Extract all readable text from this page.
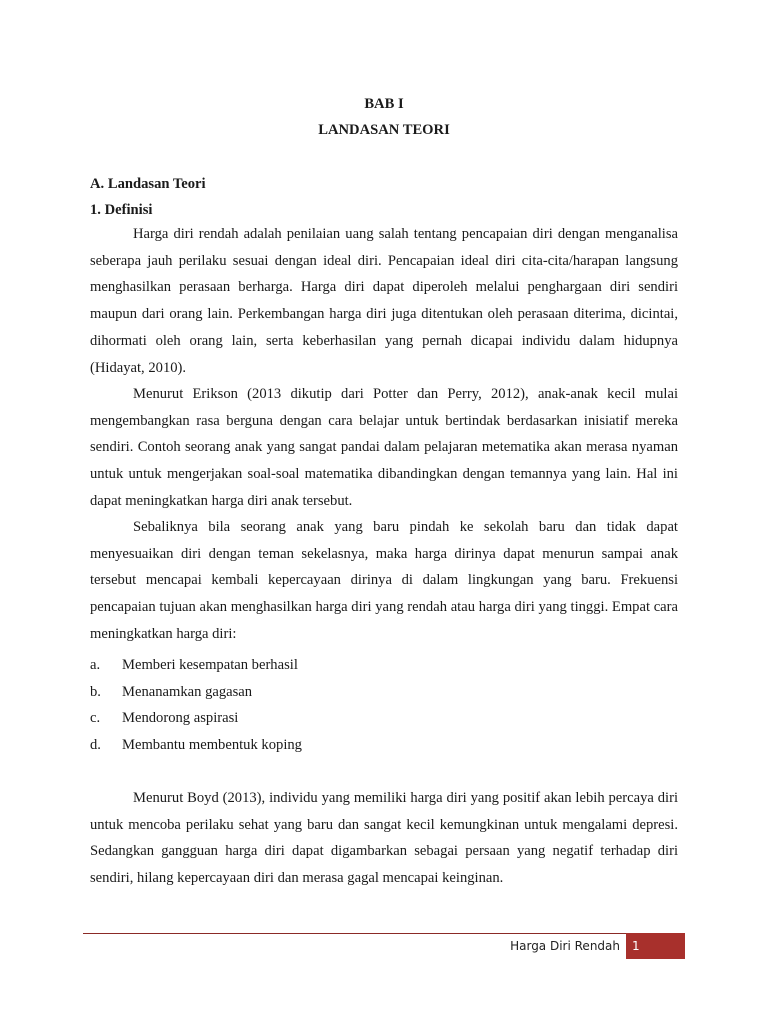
BAB I
LANDASAN TEORI
A. Landasan Teori
1. Definisi

Harga diri rendah adalah penilaian uang salah tentang pencapaian diri dengan menganalisa seberapa jauh perilaku sesuai dengan ideal diri. Pencapaian ideal diri cita-cita/harapan langsung menghasilkan perasaan berharga. Harga diri dapat diperoleh melalui penghargaan diri sendiri maupun dari orang lain. Perkembangan harga diri juga ditentukan oleh perasaan diterima, dicintai, dihormati oleh orang lain, serta keberhasilan yang pernah dicapai individu dalam hidupnya (Hidayat, 2010).

Menurut Erikson (2013 dikutip dari Potter dan Perry, 2012), anak-anak kecil mulai mengembangkan rasa berguna dengan cara belajar untuk bertindak berdasarkan inisiatif mereka sendiri. Contoh seorang anak yang sangat pandai dalam pelajaran metematika akan merasa nyaman untuk untuk mengerjakan soal-soal matematika dibandingkan dengan temannya yang lain. Hal ini dapat meningkatkan harga diri anak tersebut.

Sebaliknya bila seorang anak yang baru pindah ke sekolah baru dan tidak dapat menyesuaikan diri dengan teman sekelasnya, maka harga dirinya dapat menurun sampai anak tersebut mencapai kembali kepercayaan dirinya di dalam lingkungan yang baru. Frekuensi pencapaian tujuan akan menghasilkan harga diri yang rendah atau harga diri yang tinggi. Empat cara meningkatkan harga diri:

a. Memberi kesempatan berhasil
b. Menanamkan gagasan
c. Mendorong aspirasi
d. Membantu membentuk koping

Menurut Boyd (2013), individu yang memiliki harga diri yang positif akan lebih percaya diri untuk mencoba perilaku sehat yang baru dan sangat kecil kemungkinan untuk mengalami depresi. Sedangkan gangguan harga diri dapat digambarkan sebagai persaan yang negatif terhadap diri sendiri, hilang kepercayaan diri dan merasa gagal mencapai keinginan.

Harga Diri Rendah	1
